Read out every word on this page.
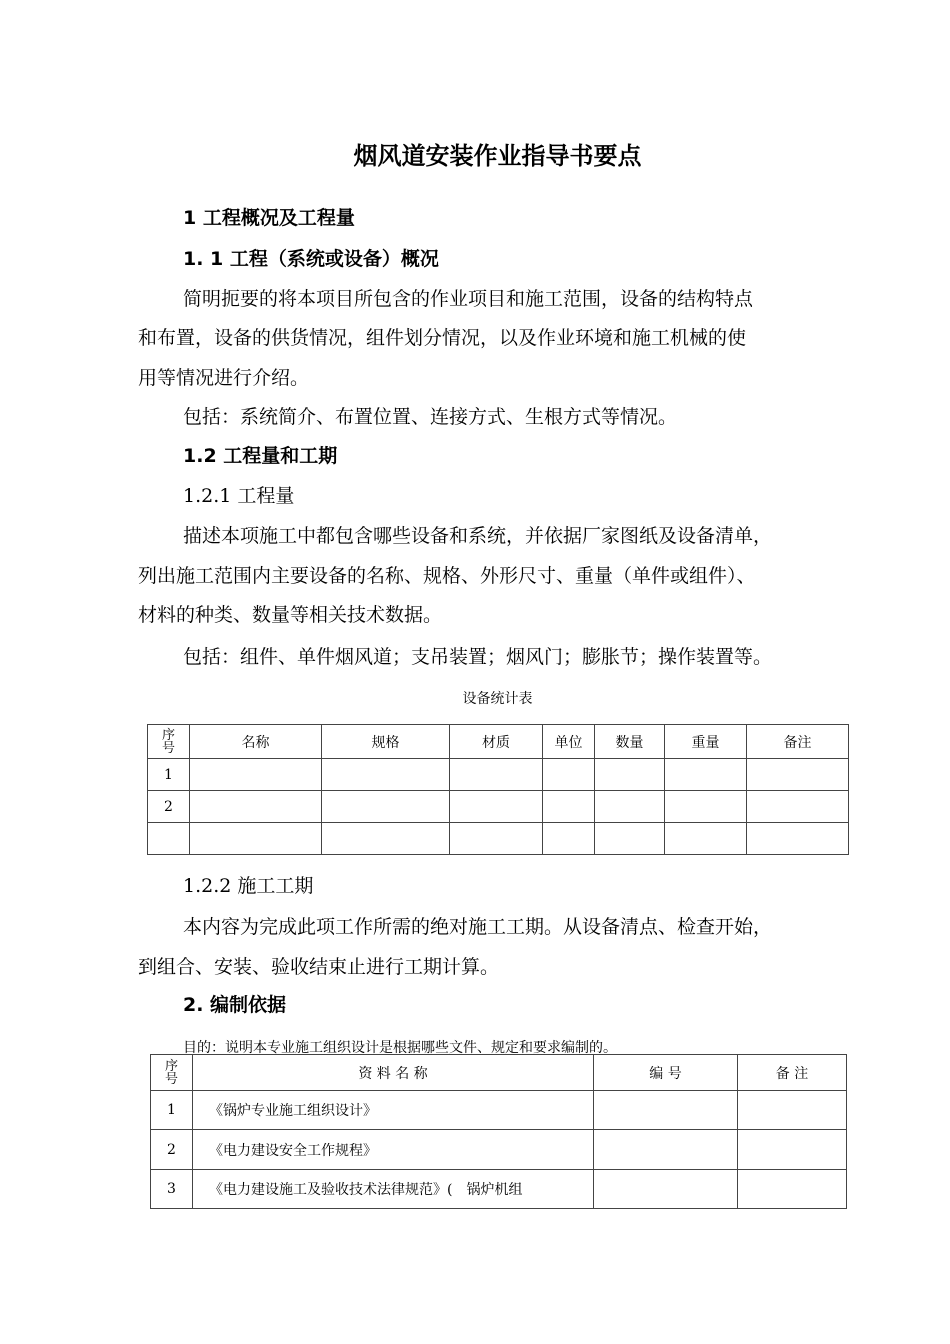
烟风道安装作业指导书要点
1 工程概况及工程量
1. 1 工程（系统或设备）概况
简明扼要的将本项目所包含的作业项目和施工范围，设备的结构特点
和布置，设备的供货情况，组件划分情况，以及作业环境和施工机械的使
用等情况进行介绍。
包括：系统简介、布置位置、连接方式、生根方式等情况。
1.2 工程量和工期
1.2.1 工程量
描述本项施工中都包含哪些设备和系统，并依据厂家图纸及设备清单，
列出施工范围内主要设备的名称、规格、外形尺寸、重量（单件或组件）、
材料的种类、数量等相关技术数据。
包括：组件、单件烟风道；支吊装置；烟风门；膨胀节；操作装置等。
设备统计表
序号	名称	规格	材质	单位	数量	重量	备注
1							
2							

1.2.2 施工工期
本内容为完成此项工作所需的绝对施工工期。从设备清点、检查开始，
到组合、安装、验收结束止进行工期计算。
2. 编制依据
目的：说明本专业施工组织设计是根据哪些文件、规定和要求编制的。
序号	资 料 名 称	编 号	备 注
1	《锅炉专业施工组织设计》		
2	《电力建设安全工作规程》		
3	《电力建设施工及验收技术法律规范》(　锅炉机组		
